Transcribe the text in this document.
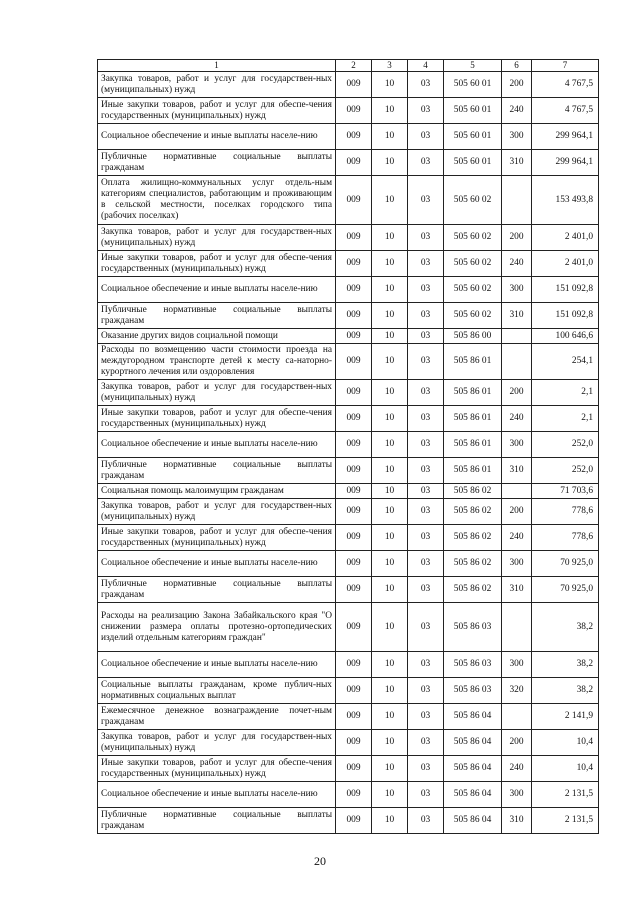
1	2	3	4	5	6	7
Закупка товаров, работ и услуг для государствен-ных (муниципальных) нужд	009	10	03	505 60 01	200	4 767,5
Иные закупки товаров, работ и услуг для обеспе-чения государственных (муниципальных) нужд	009	10	03	505 60 01	240	4 767,5
Социальное обеспечение и иные выплаты населе-нию	009	10	03	505 60 01	300	299 964,1
Публичные нормативные социальные выплаты гражданам	009	10	03	505 60 01	310	299 964,1
Оплата жилищно-коммунальных услуг отдель-ным категориям специалистов, работающим и проживающим в сельской местности, поселках городского типа (рабочих поселках)	009	10	03	505 60 02		153 493,8
Закупка товаров, работ и услуг для государствен-ных (муниципальных) нужд	009	10	03	505 60 02	200	2 401,0
Иные закупки товаров, работ и услуг для обеспе-чения государственных (муниципальных) нужд	009	10	03	505 60 02	240	2 401,0
Социальное обеспечение и иные выплаты населе-нию	009	10	03	505 60 02	300	151 092,8
Публичные нормативные социальные выплаты гражданам	009	10	03	505 60 02	310	151 092,8
Оказание других видов социальной помощи	009	10	03	505 86 00		100 646,6
Расходы по возмещению части стоимости проезда на междугородном транспорте детей к месту са-наторно-курортного лечения или оздоровления	009	10	03	505 86 01		254,1
Закупка товаров, работ и услуг для государствен-ных (муниципальных) нужд	009	10	03	505 86 01	200	2,1
Иные закупки товаров, работ и услуг для обеспе-чения государственных (муниципальных) нужд	009	10	03	505 86 01	240	2,1
Социальное обеспечение и иные выплаты населе-нию	009	10	03	505 86 01	300	252,0
Публичные нормативные социальные выплаты гражданам	009	10	03	505 86 01	310	252,0
Социальная помощь малоимущим гражданам	009	10	03	505 86 02		71 703,6
Закупка товаров, работ и услуг для государствен-ных (муниципальных) нужд	009	10	03	505 86 02	200	778,6
Иные закупки товаров, работ и услуг для обеспе-чения государственных (муниципальных) нужд	009	10	03	505 86 02	240	778,6
Социальное обеспечение и иные выплаты населе-нию	009	10	03	505 86 02	300	70 925,0
Публичные нормативные социальные выплаты гражданам	009	10	03	505 86 02	310	70 925,0
Расходы на реализацию Закона Забайкальского края "О снижении размера оплаты протезно-ортопедических изделий отдельным категориям граждан"	009	10	03	505 86 03		38,2
Социальное обеспечение и иные выплаты населе-нию	009	10	03	505 86 03	300	38,2
Социальные выплаты гражданам, кроме публич-ных нормативных социальных выплат	009	10	03	505 86 03	320	38,2
Ежемесячное денежное вознаграждение почет-ным гражданам	009	10	03	505 86 04		2 141,9
Закупка товаров, работ и услуг для государствен-ных (муниципальных) нужд	009	10	03	505 86 04	200	10,4
Иные закупки товаров, работ и услуг для обеспе-чения государственных (муниципальных) нужд	009	10	03	505 86 04	240	10,4
Социальное обеспечение и иные выплаты населе-нию	009	10	03	505 86 04	300	2 131,5
Публичные нормативные социальные выплаты гражданам	009	10	03	505 86 04	310	2 131,5
20
